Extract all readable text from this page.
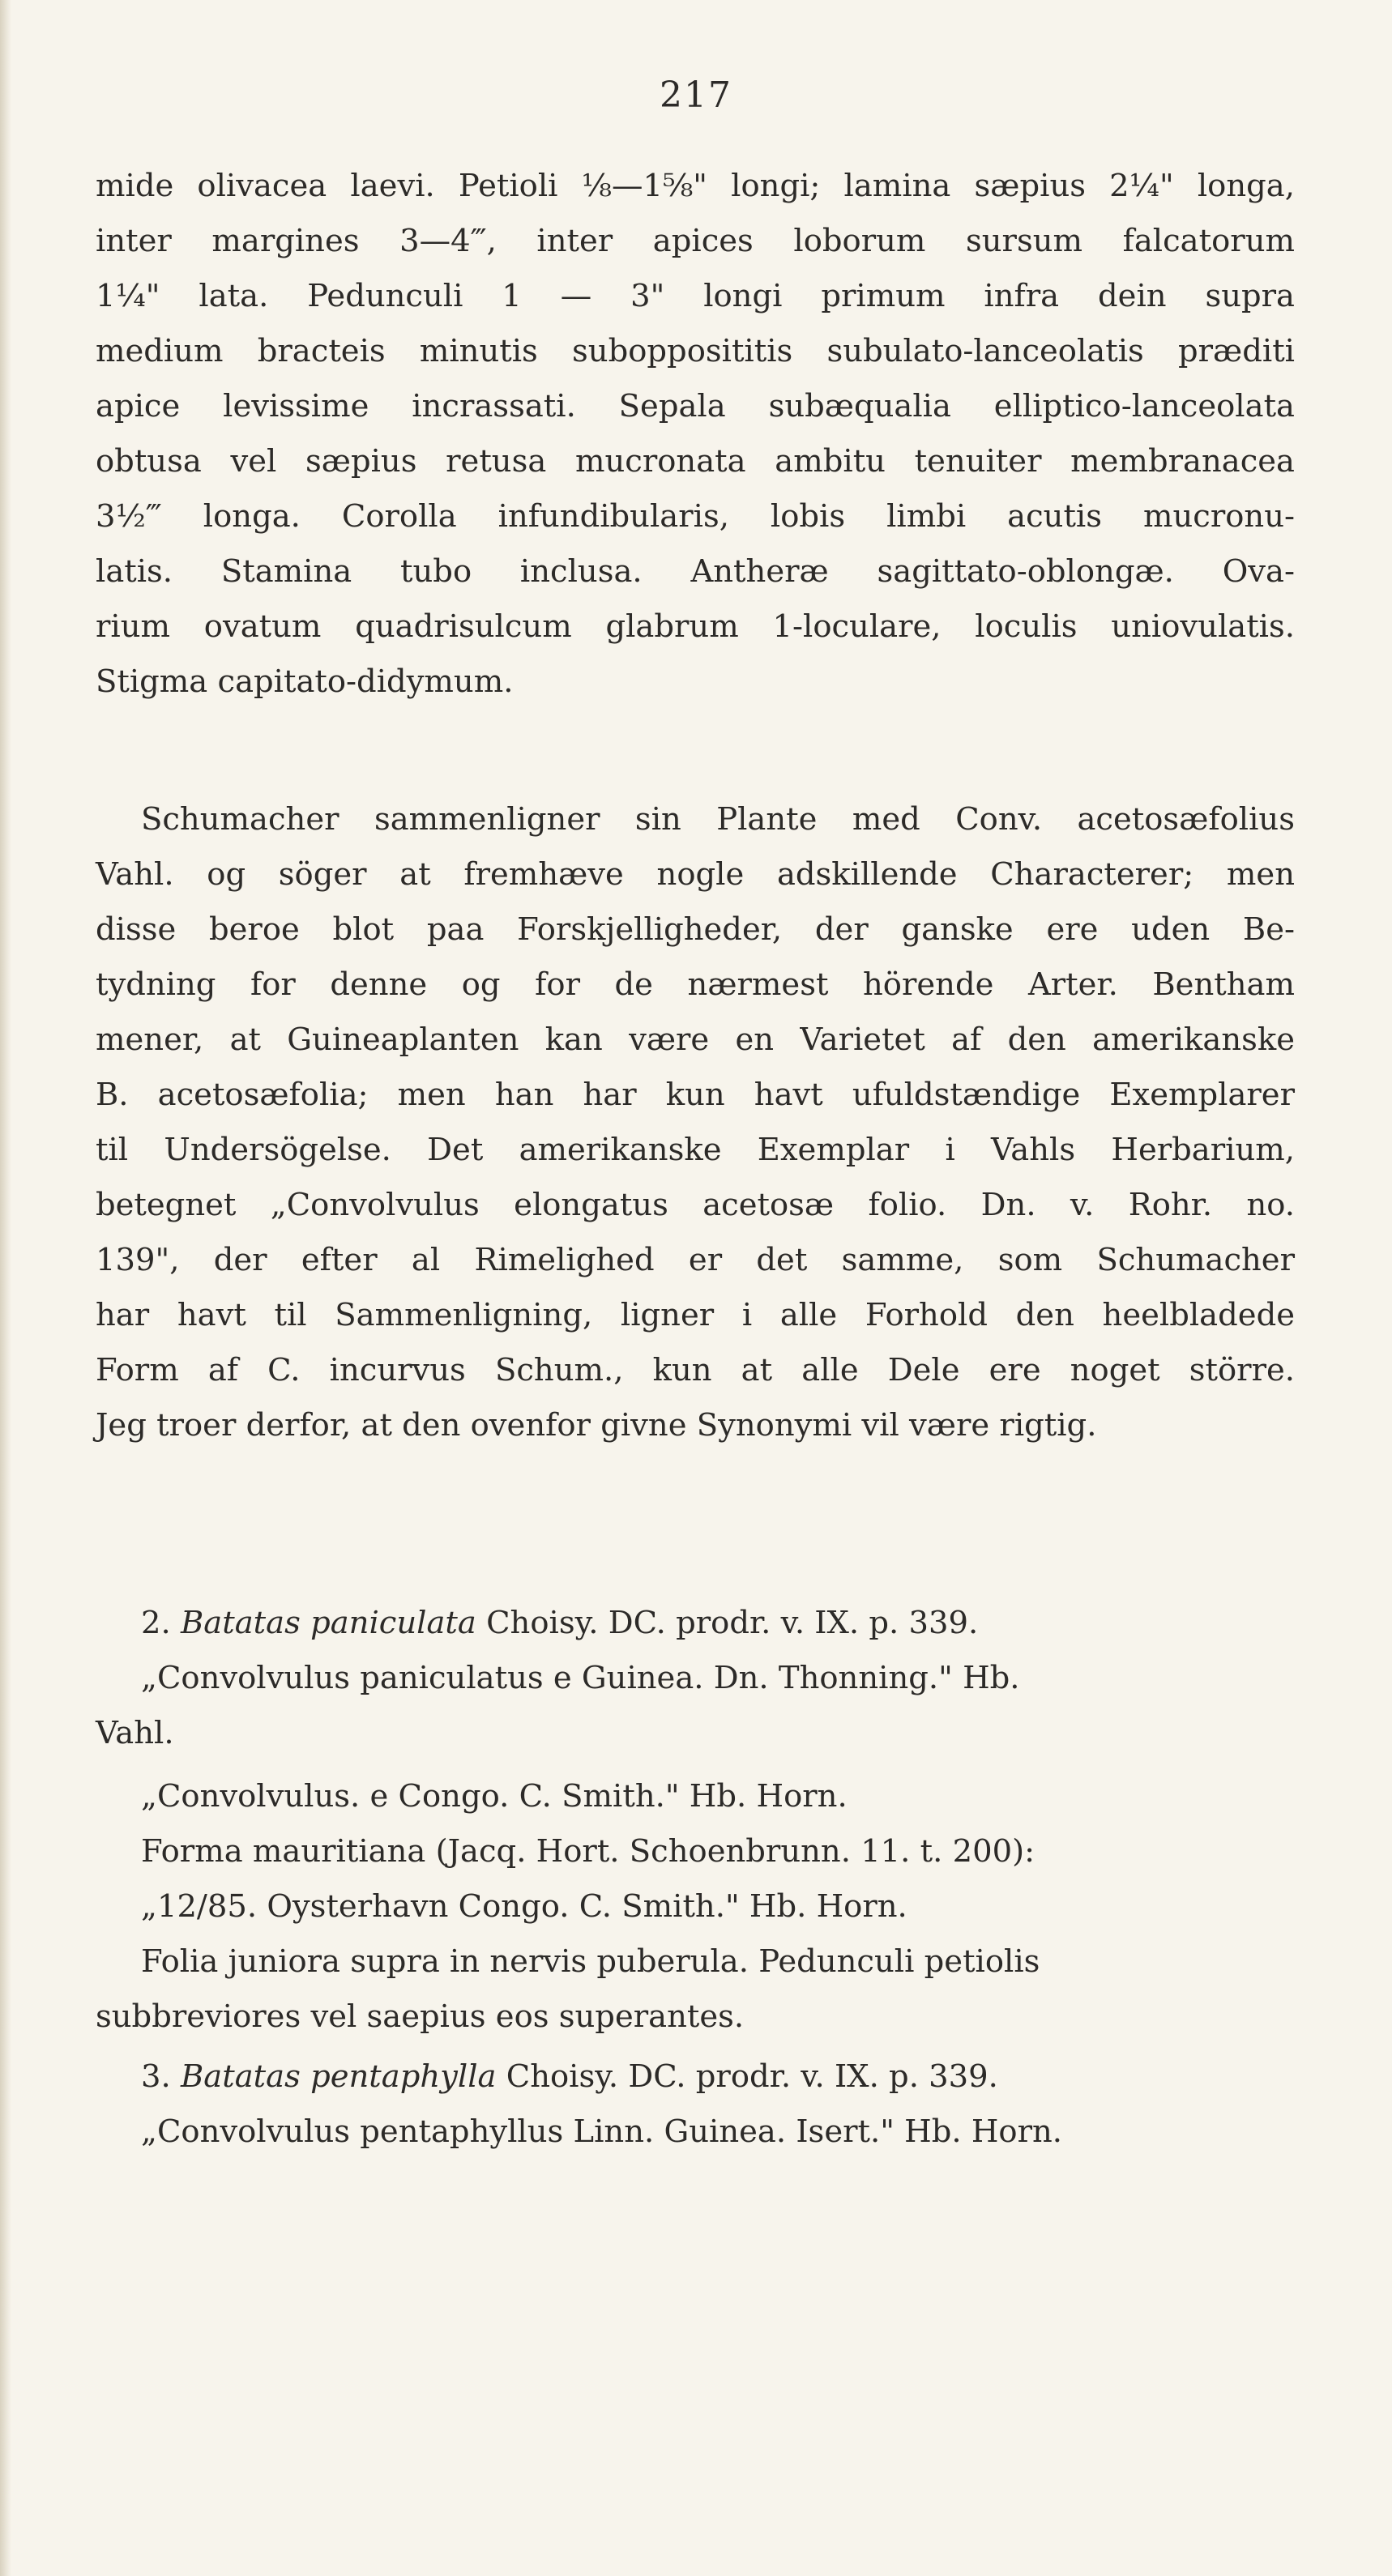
217
mide olivacea laevi. Petioli ⅛—1⅝" longi; lamina sæpius 2¼" longa,
inter margines 3—4‴, inter apices loborum sursum falcatorum
1¼" lata. Pedunculi 1 — 3" longi primum infra dein supra
medium bracteis minutis subopposititis subulato-lanceolatis præditi
apice levissime incrassati. Sepala subæqualia elliptico-lanceolata
obtusa vel sæpius retusa mucronata ambitu tenuiter membranacea
3½‴ longa. Corolla infundibularis, lobis limbi acutis mucronu-
latis. Stamina tubo inclusa. Antheræ sagittato-oblongæ. Ova-
rium ovatum quadrisulcum glabrum 1-loculare, loculis uniovulatis.
Stigma capitato-didymum.
Schumacher sammenligner sin Plante med Conv. acetosæfolius
Vahl. og söger at fremhæve nogle adskillende Characterer; men
disse beroe blot paa Forskjelligheder, der ganske ere uden Be-
tydning for denne og for de nærmest hörende Arter. Bentham
mener, at Guineaplanten kan være en Varietet af den amerikanske
B. acetosæfolia; men han har kun havt ufuldstændige Exemplarer
til Undersögelse. Det amerikanske Exemplar i Vahls Herbarium,
betegnet „Convolvulus elongatus acetosæ folio. Dn. v. Rohr. no.
139", der efter al Rimelighed er det samme, som Schumacher
har havt til Sammenligning, ligner i alle Forhold den heelbladede
Form af C. incurvus Schum., kun at alle Dele ere noget större.
Jeg troer derfor, at den ovenfor givne Synonymi vil være rigtig.
2. Batatas paniculata Choisy. DC. prodr. v. IX. p. 339.
„Convolvulus paniculatus e Guinea. Dn. Thonning." Hb.
Vahl.
„Convolvulus. e Congo. C. Smith." Hb. Horn.
Forma mauritiana (Jacq. Hort. Schoenbrunn. 11. t. 200):
„12/85. Oysterhavn Congo. C. Smith." Hb. Horn.
Folia juniora supra in nervis puberula. Pedunculi petiolis
subbreviores vel saepius eos superantes.
3. Batatas pentaphylla Choisy. DC. prodr. v. IX. p. 339.
„Convolvulus pentaphyllus Linn. Guinea. Isert." Hb. Horn.
